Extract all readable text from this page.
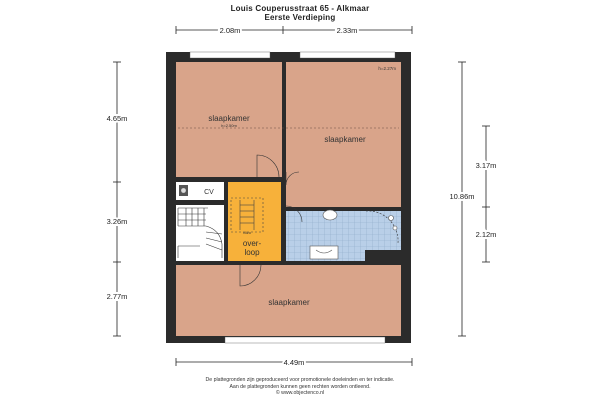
Louis Couperusstraat 65 - Alkmaar
Eerste Verdieping
2.08m	2.33m
4.65m
3.26m
2.77m
10.86m
3.17m
2.12m
4.49m
slaapkamer
h=2.50m
slaapkamer
h=2.27m
slaapkamer
CV
over-
loop
vlizo
De plattegronden zijn geproduceerd voor promotionele doeleinden en ter indicatie.
Aan de plattegronden kunnen geen rechten worden ontleend.
© www.objectenco.nl
